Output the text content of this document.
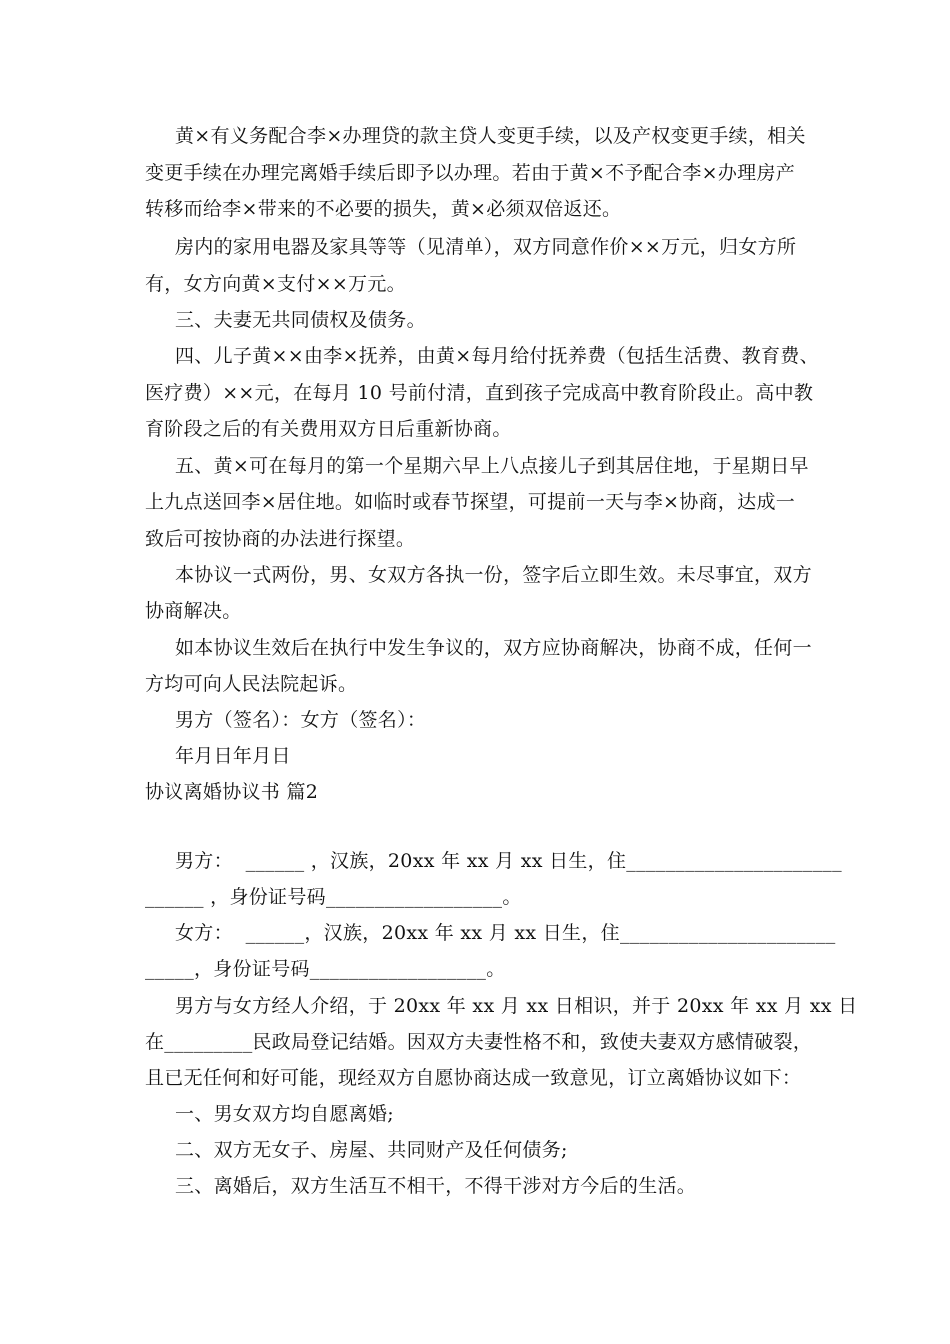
黄×有义务配合李×办理贷的款主贷人变更手续，以及产权变更手续，相关
变更手续在办理完离婚手续后即予以办理。若由于黄×不予配合李×办理房产
转移而给李×带来的不必要的损失，黄×必须双倍返还。
房内的家用电器及家具等等（见清单），双方同意作价××万元，归女方所
有，女方向黄×支付××万元。
三、夫妻无共同债权及债务。
四、儿子黄××由李×抚养，由黄×每月给付抚养费（包括生活费、教育费、
医疗费）××元，在每月 10 号前付清，直到孩子完成高中教育阶段止。高中教
育阶段之后的有关费用双方日后重新协商。
五、黄×可在每月的第一个星期六早上八点接儿子到其居住地，于星期日早
上九点送回李×居住地。如临时或春节探望，可提前一天与李×协商，达成一
致后可按协商的办法进行探望。
本协议一式两份，男、女双方各执一份，签字后立即生效。未尽事宜，双方
协商解决。
如本协议生效后在执行中发生争议的，双方应协商解决，协商不成，任何一
方均可向人民法院起诉。
男方（签名）：女方（签名）：
年月日年月日
协议离婚协议书 篇2
男方：  ______ ，汉族，20xx 年 xx 月 xx 日生，住______________________
______ ，身份证号码__________________。
女方：  ______，汉族，20xx 年 xx 月 xx 日生，住______________________
_____，身份证号码__________________。
男方与女方经人介绍，于 20xx 年 xx 月 xx 日相识，并于 20xx 年 xx 月 xx 日
在_________民政局登记结婚。因双方夫妻性格不和，致使夫妻双方感情破裂，
且已无任何和好可能，现经双方自愿协商达成一致意见，订立离婚协议如下：
一、男女双方均自愿离婚;
二、双方无女子、房屋、共同财产及任何债务;
三、离婚后，双方生活互不相干，不得干涉对方今后的生活。
